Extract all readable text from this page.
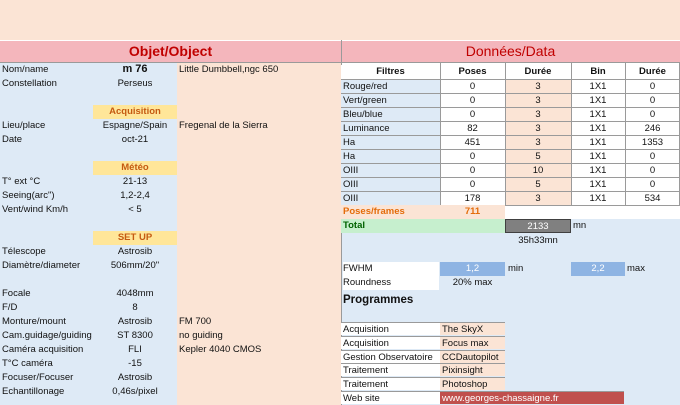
Objet/Object	Données/Data
Nom/name	m 76	Little Dumbbell,ngc 650
Constellation	Perseus
Lieu/place	Espagne/Spain	Fregenal de la Sierra
Date	oct-21
T° ext °C	21-13
Seeing(arc")	1,2-2,4
Vent/wind Km/h	< 5
Télescope	Astrosib
Diamètre/diameter	506mm/20"
Focale	4048mm
F/D	8
Monture/mount	Astrosib	FM 700
Cam.guidage/guiding	ST 8300	no guiding
Caméra acquisition	FLI	Kepler 4040 CMOS
T°C caméra	-15
Focuser/Focuser	Astrosib
Echantillonage	0,46s/pixel
Acquisition
Météo
SET UP
Filtres	Poses	Durée	Bin	Durée
Rouge/red	0	3	1X1	0
Vert/green	0	3	1X1	0
Bleu/blue	0	3	1X1	0
Luminance	82	3	1X1	246
Ha	451	3	1X1	1353
Ha	0	5	1X1	0
OIII	0	10	1X1	0
OIII	0	5	1X1	0
OIII	178	3	1X1	534
Poses/frames	711
Total	2133	mn
35h33mn
FWHM	1,2	min	2,2	max
Roundness	20% max
Programmes
Acquisition	The SkyX
Acquisition	Focus max
Gestion Observatoire CCDautopilot
Traitement	Pixinsight
Traitement	Photoshop
Web site	www.georges-chassaigne.fr
